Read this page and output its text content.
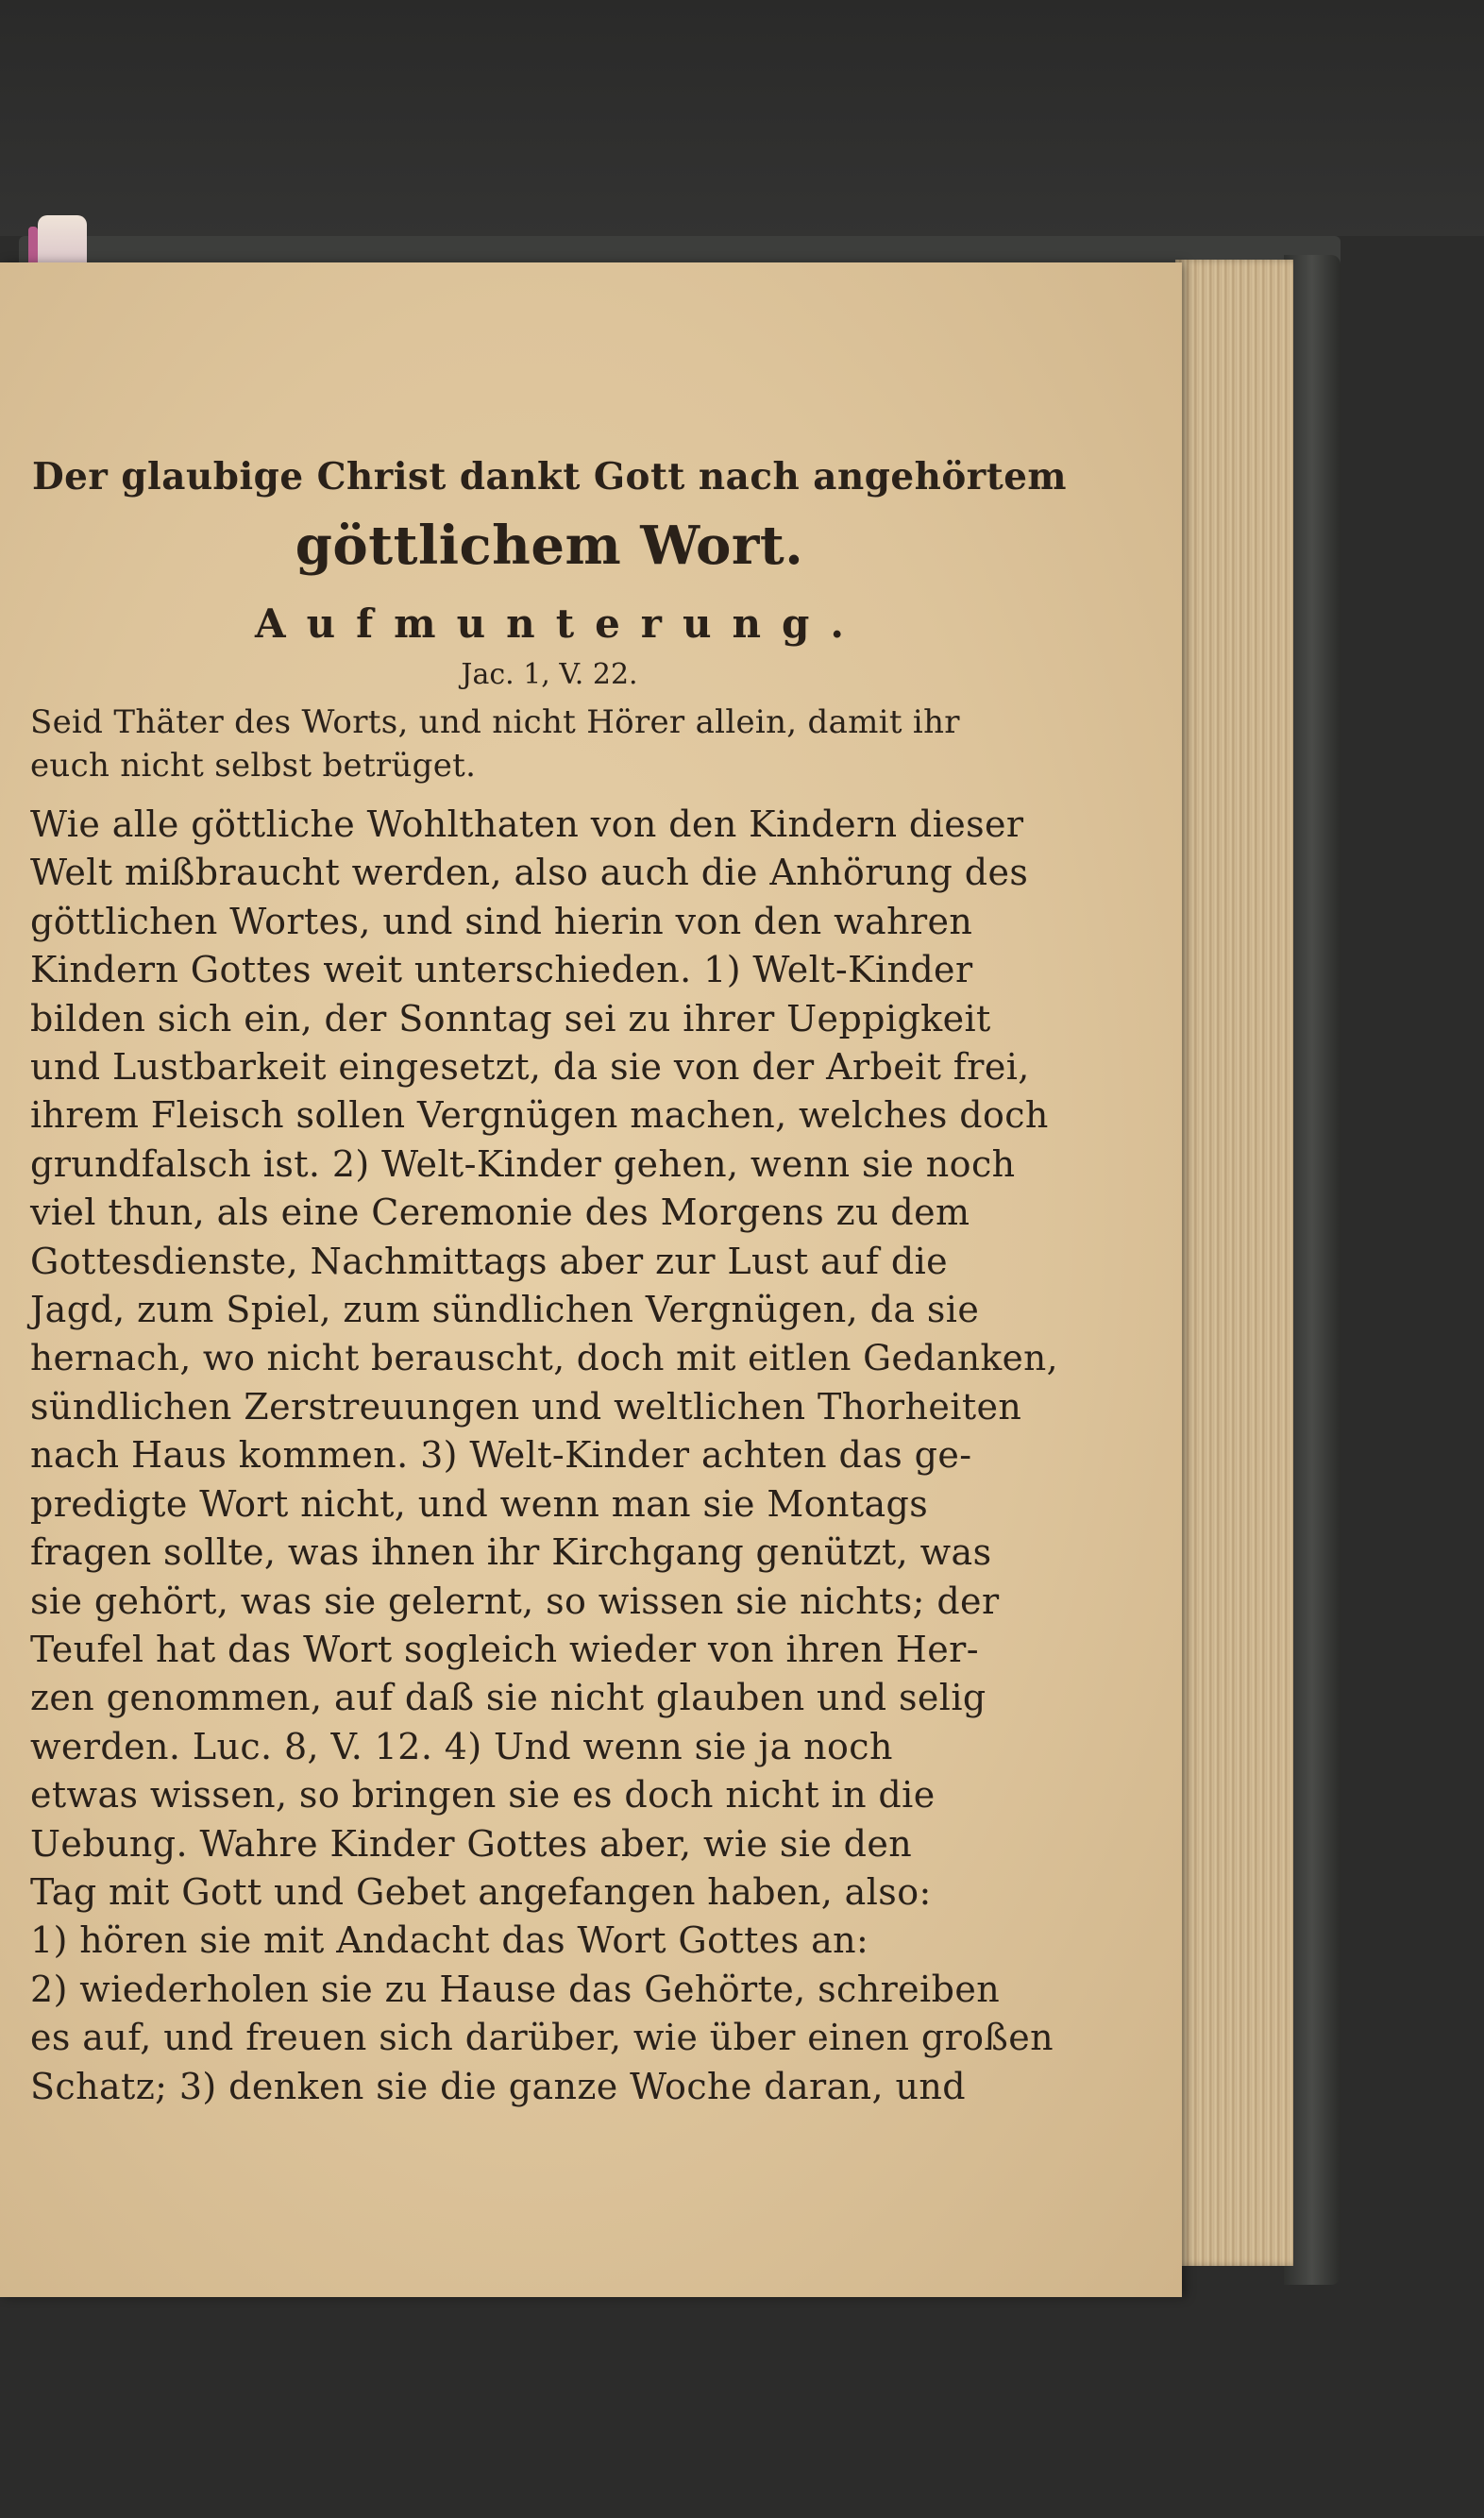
Der glaubige Christ dankt Gott nach angehörtem
göttlichem Wort.
Aufmunterung.
Jac. 1, V. 22.
Seid Thäter des Worts, und nicht Hörer allein, damit ihr
euch nicht selbst betrüget.
Wie alle göttliche Wohlthaten von den Kindern dieser
Welt mißbraucht werden, also auch die Anhörung des
göttlichen Wortes, und sind hierin von den wahren
Kindern Gottes weit unterschieden. 1) Welt-Kinder
bilden sich ein, der Sonntag sei zu ihrer Ueppigkeit
und Lustbarkeit eingesetzt, da sie von der Arbeit frei,
ihrem Fleisch sollen Vergnügen machen, welches doch
grundfalsch ist. 2) Welt-Kinder gehen, wenn sie noch
viel thun, als eine Ceremonie des Morgens zu dem
Gottesdienste, Nachmittags aber zur Lust auf die
Jagd, zum Spiel, zum sündlichen Vergnügen, da sie
hernach, wo nicht berauscht, doch mit eitlen Gedanken,
sündlichen Zerstreuungen und weltlichen Thorheiten
nach Haus kommen. 3) Welt-Kinder achten das ge-
predigte Wort nicht, und wenn man sie Montags
fragen sollte, was ihnen ihr Kirchgang genützt, was
sie gehört, was sie gelernt, so wissen sie nichts; der
Teufel hat das Wort sogleich wieder von ihren Her-
zen genommen, auf daß sie nicht glauben und selig
werden. Luc. 8, V. 12. 4) Und wenn sie ja noch
etwas wissen, so bringen sie es doch nicht in die
Uebung. Wahre Kinder Gottes aber, wie sie den
Tag mit Gott und Gebet angefangen haben, also:
1) hören sie mit Andacht das Wort Gottes an:
2) wiederholen sie zu Hause das Gehörte, schreiben
es auf, und freuen sich darüber, wie über einen großen
Schatz; 3) denken sie die ganze Woche daran, und
